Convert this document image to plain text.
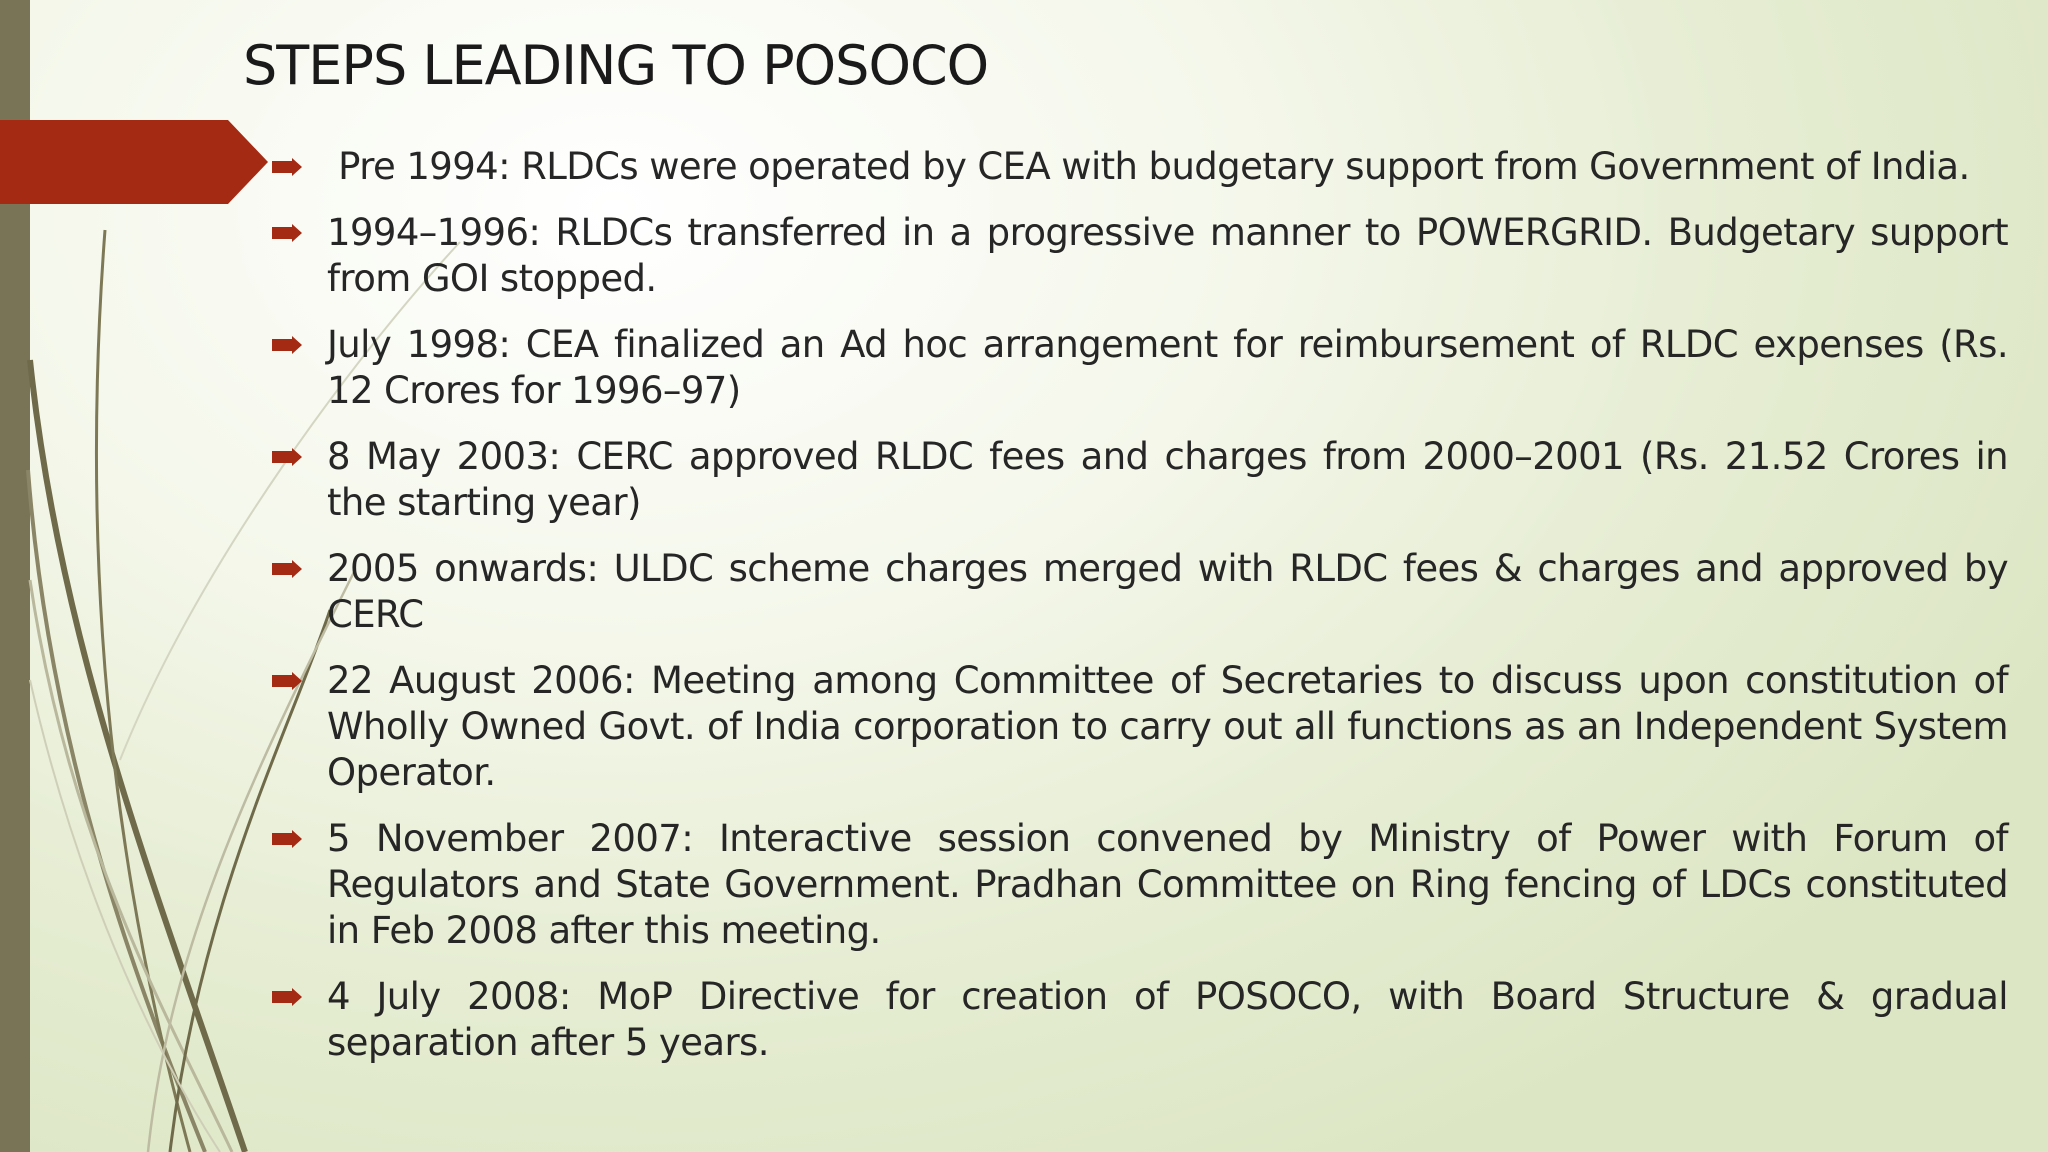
STEPS LEADING TO POSOCO
Pre 1994: RLDCs were operated by CEA with budgetary support from Government of India.
1994–1996: RLDCs transferred in a progressive manner to POWERGRID. Budgetary support from GOI stopped.
July 1998: CEA finalized an Ad hoc arrangement for reimbursement of RLDC expenses (Rs. 12 Crores for 1996–97)
8 May 2003: CERC approved RLDC fees and charges from 2000–2001 (Rs. 21.52 Crores in the starting year)
2005 onwards: ULDC scheme charges merged with RLDC fees & charges and approved by CERC
22 August 2006: Meeting among Committee of Secretaries to discuss upon constitution of Wholly Owned Govt. of India corporation to carry out all functions as an Independent System Operator.
5 November 2007: Interactive session convened by Ministry of Power with Forum of Regulators and State Government. Pradhan Committee on Ring fencing of LDCs constituted in Feb 2008 after this meeting.
4 July 2008: MoP Directive for creation of POSOCO, with Board Structure & gradual separation after 5 years.
